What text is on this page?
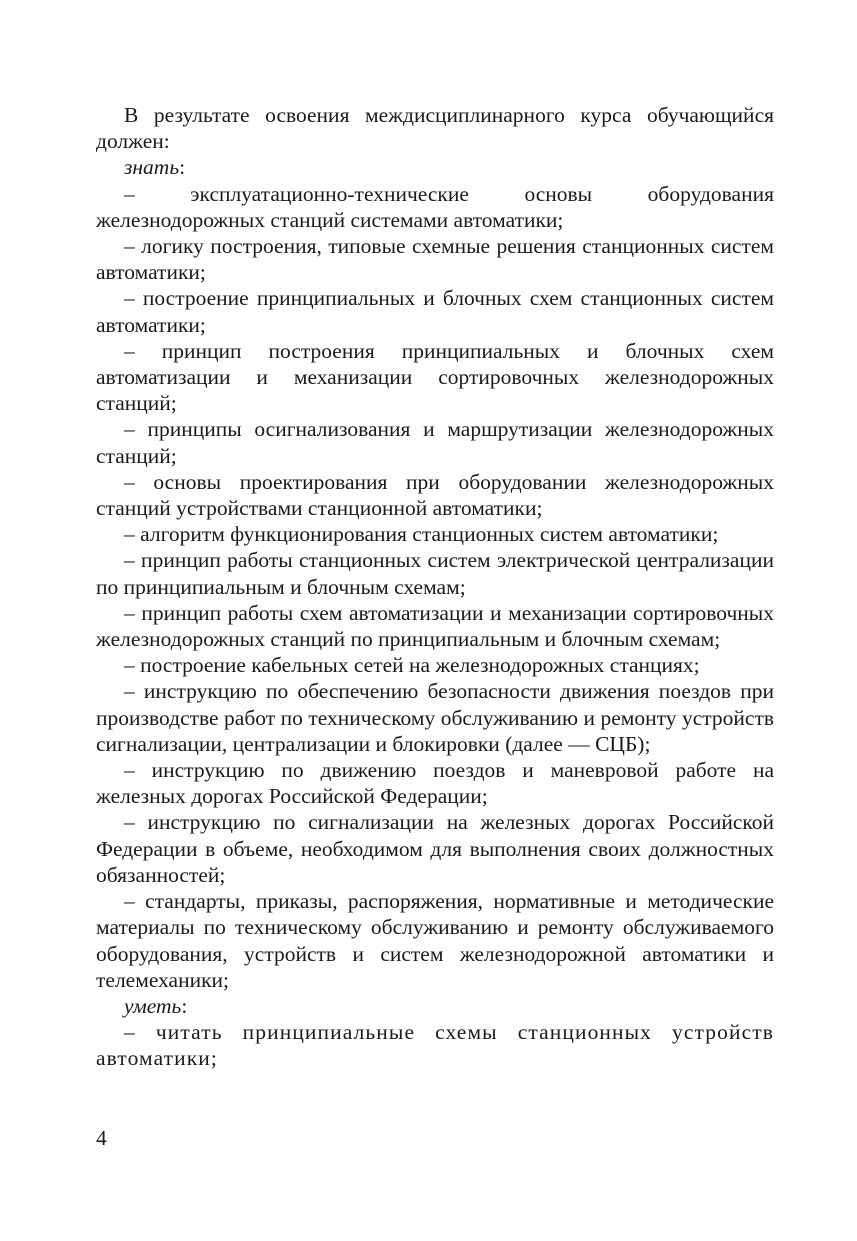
В результате освоения междисциплинарного курса обучающийся должен:

знать:

– эксплуатационно-технические основы оборудования железнодорожных станций системами автоматики;

– логику построения, типовые схемные решения станционных систем автоматики;

– построение принципиальных и блочных схем станционных систем автоматики;

– принцип построения принципиальных и блочных схем автоматизации и механизации сортировочных железнодорожных станций;

– принципы осигнализования и маршрутизации железнодорожных станций;

– основы проектирования при оборудовании железнодорожных станций устройствами станционной автоматики;

– алгоритм функционирования станционных систем автоматики;

– принцип работы станционных систем электрической централизации по принципиальным и блочным схемам;

– принцип работы схем автоматизации и механизации сортировочных железнодорожных станций по принципиальным и блочным схемам;

– построение кабельных сетей на железнодорожных станциях;

– инструкцию по обеспечению безопасности движения поездов при производстве работ по техническому обслуживанию и ремонту устройств сигнализации, централизации и блокировки (далее — СЦБ);

– инструкцию по движению поездов и маневровой работе на железных дорогах Российской Федерации;

– инструкцию по сигнализации на железных дорогах Российской Федерации в объеме, необходимом для выполнения своих должностных обязанностей;

– стандарты, приказы, распоряжения, нормативные и методические материалы по техническому обслуживанию и ремонту обслуживаемого оборудования, устройств и систем железнодорожной автоматики и телемеханики;

уметь:

– читать принципиальные схемы станционных устройств автоматики;

4
